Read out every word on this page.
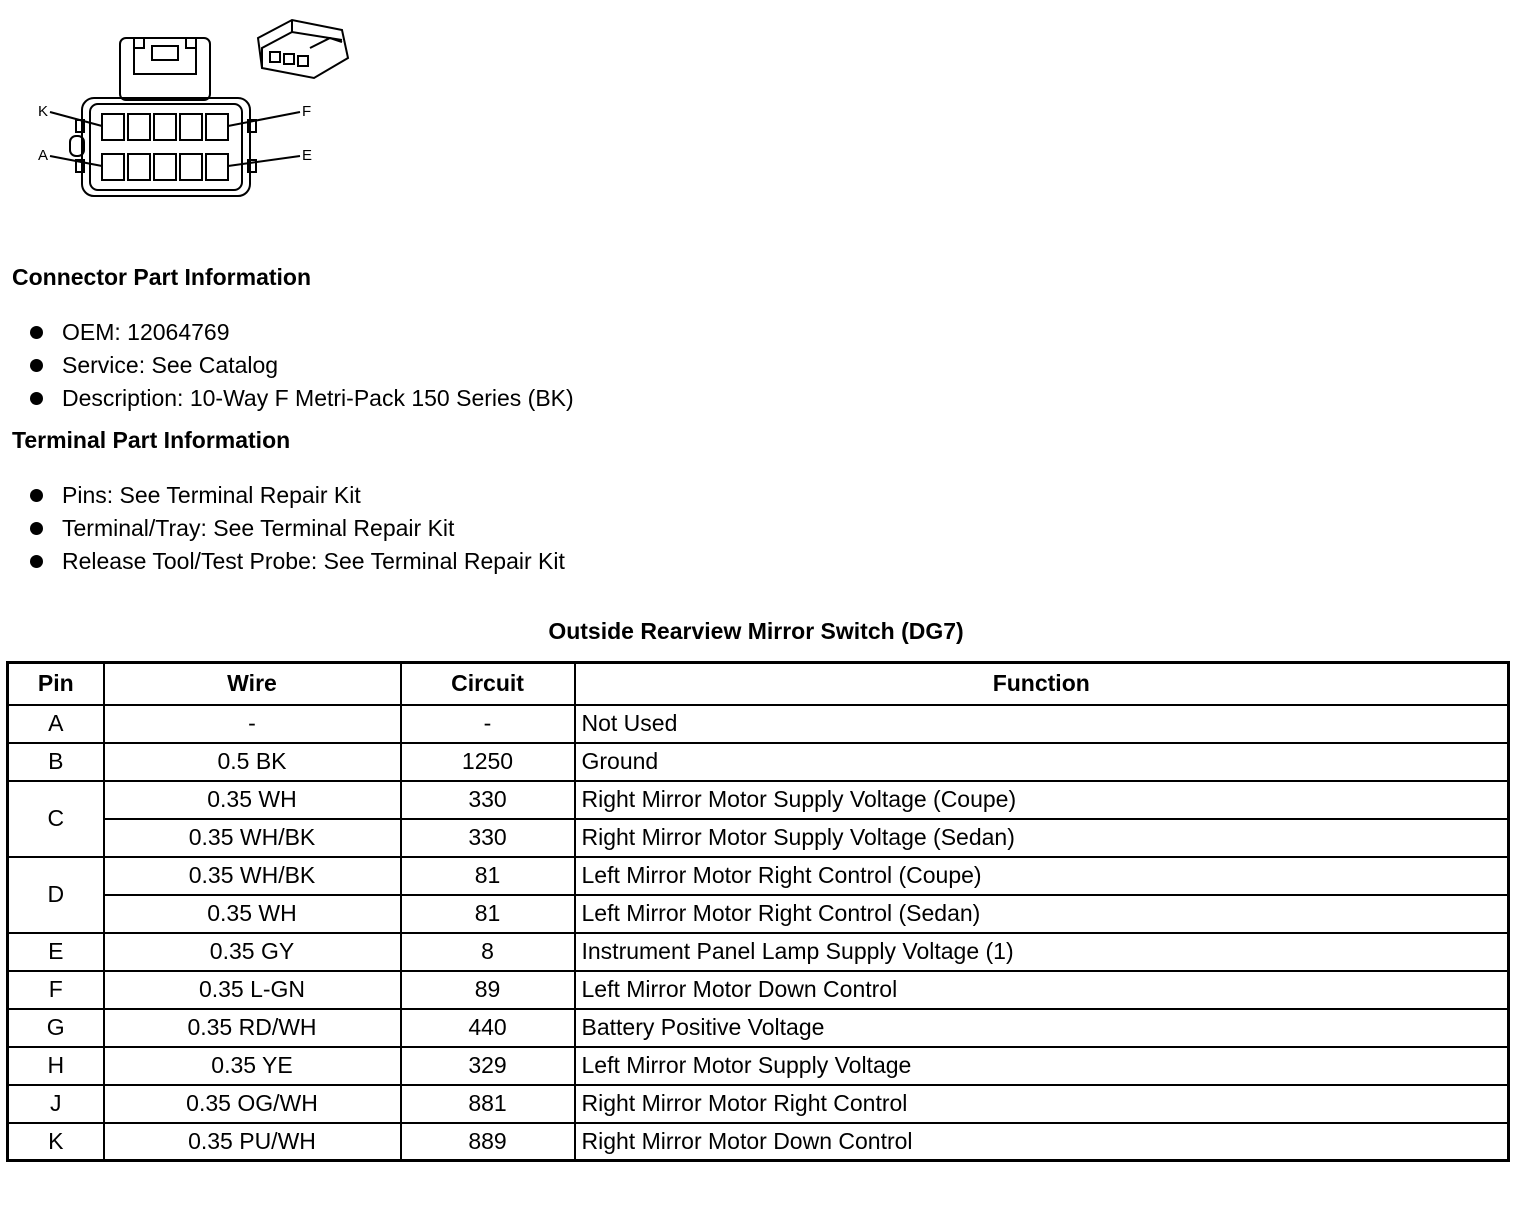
K
A
F
E
Connector Part Information
OEM: 12064769
Service: See Catalog
Description: 10-Way F Metri-Pack 150 Series (BK)
Terminal Part Information
Pins: See Terminal Repair Kit
Terminal/Tray: See Terminal Repair Kit
Release Tool/Test Probe: See Terminal Repair Kit
Outside Rearview Mirror Switch (DG7)
Pin	Wire	Circuit	Function
A	-	-	Not Used
B	0.5 BK	1250	Ground
C	0.35 WH	330	Right Mirror Motor Supply Voltage (Coupe)
	0.35 WH/BK	330	Right Mirror Motor Supply Voltage (Sedan)
D	0.35 WH/BK	81	Left Mirror Motor Right Control (Coupe)
	0.35 WH	81	Left Mirror Motor Right Control (Sedan)
E	0.35 GY	8	Instrument Panel Lamp Supply Voltage (1)
F	0.35 L-GN	89	Left Mirror Motor Down Control
G	0.35 RD/WH	440	Battery Positive Voltage
H	0.35 YE	329	Left Mirror Motor Supply Voltage
J	0.35 OG/WH	881	Right Mirror Motor Right Control
K	0.35 PU/WH	889	Right Mirror Motor Down Control
